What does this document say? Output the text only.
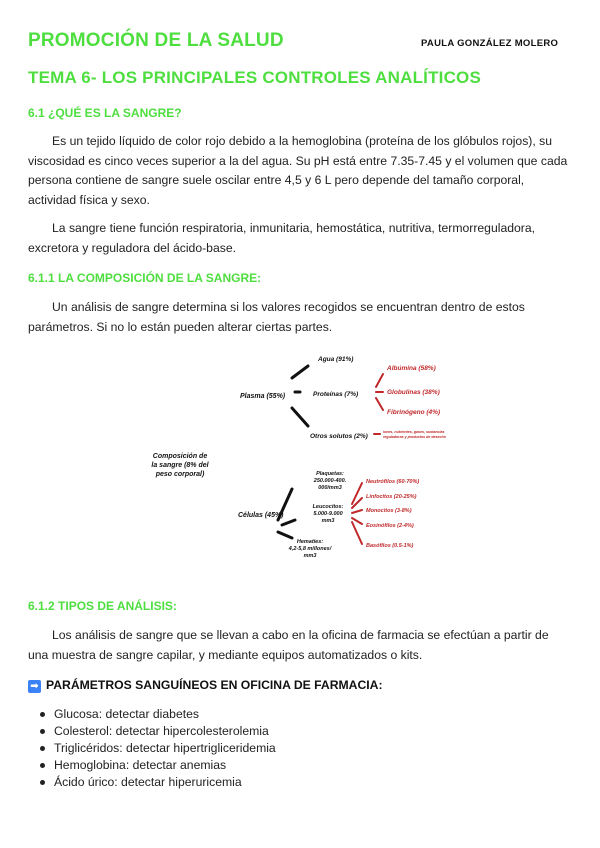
PROMOCIÓN DE LA SALUD	PAULA GONZÁLEZ MOLERO
TEMA 6- LOS PRINCIPALES CONTROLES ANALÍTICOS
6.1 ¿QUÉ ES LA SANGRE?

Es un tejido líquido de color rojo debido a la hemoglobina (proteína de los glóbulos rojos), su viscosidad es cinco veces superior a la del agua. Su pH está entre 7.35-7.45 y el volumen que cada persona contiene de sangre suele oscilar entre 4,5 y 6 L pero depende del tamaño corporal, actividad física y sexo.

La sangre tiene función respiratoria, inmunitaria, hemostática, nutritiva, termorreguladora, excretora y reguladora del ácido-base.

6.1.1 LA COMPOSICIÓN DE LA SANGRE:

Un análisis de sangre determina si los valores recogidos se encuentran dentro de estos parámetros. Si no lo están pueden alterar ciertas partes.

Composición de
la sangre (8% del
peso corporal)
Plasma (55%)
Agua (91%)
Proteínas (7%)
Albúmina (58%)
Globulinas (38%)
Fibrinógeno (4%)
Otros solutos (2%)
iones, nutrientes, gases, sustancias
reguladoras y productos de desecho
Células (45%)
Plaquetas:
250.000-400.
000/mm3
Leucocitos:
5.000-9.000
mm3
Hematíes:
4,2-5,8 millones/
mm3
Neutrófilos (60-70%)
Linfocitos (20-25%)
Monocitos (3-8%)
Eosinófilos (2-4%)
Basófilos (0.5-1%)
6.1.2 TIPOS DE ANÁLISIS:

Los análisis de sangre que se llevan a cabo en la oficina de farmacia se efectúan a partir de una muestra de sangre capilar, y mediante equipos automatizados o kits.

➡ PARÁMETROS SANGUÍNEOS EN OFICINA DE FARMACIA:
Glucosa: detectar diabetes
Colesterol: detectar hipercolesterolemia
Triglicéridos: detectar hipertrigliceridemia
Hemoglobina: detectar anemias
Ácido úrico: detectar hiperuricemia
